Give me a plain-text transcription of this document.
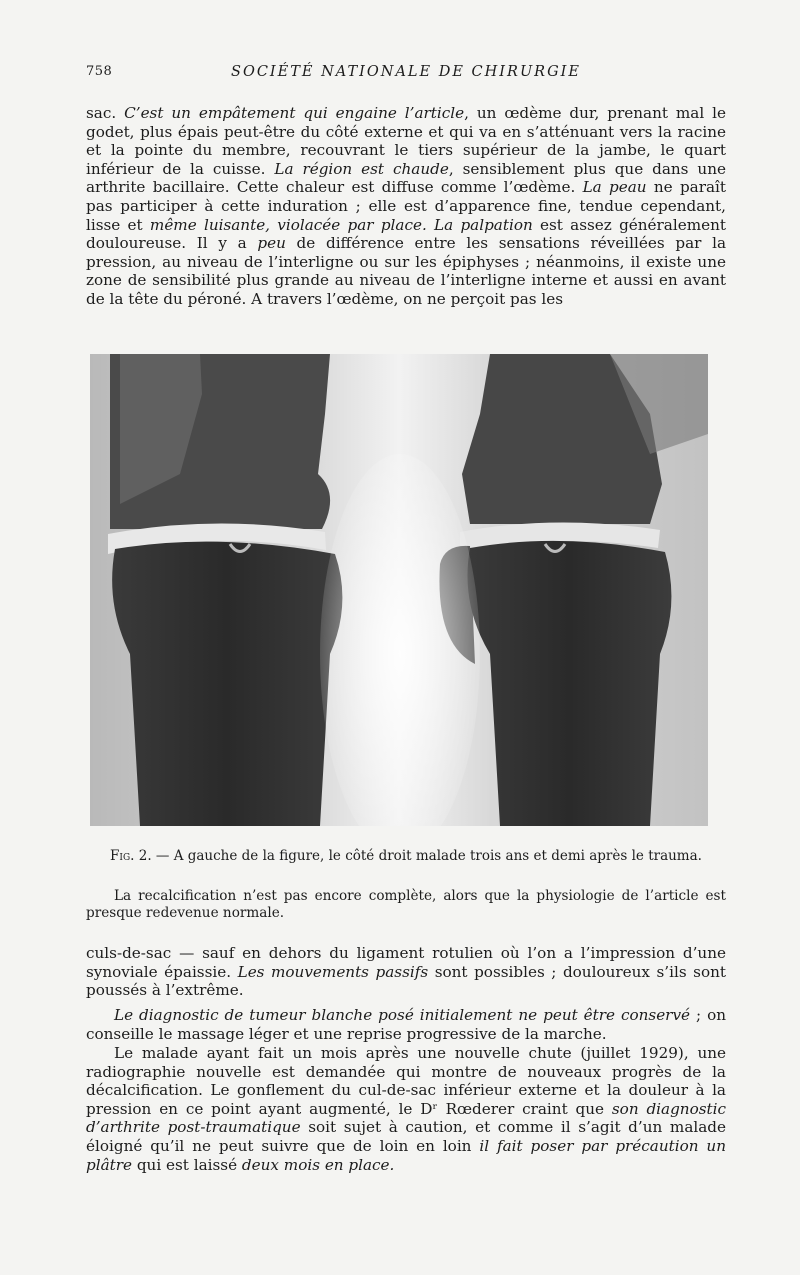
758	SOCIÉTÉ NATIONALE DE CHIRURGIE

sac. C’est un empâtement qui engaine l’article, un œdème dur, prenant mal le godet, plus épais peut-être du côté externe et qui va en s’atténuant vers la racine et la pointe du membre, recouvrant le tiers supérieur de la jambe, le quart inférieur de la cuisse. La région est chaude, sensiblement plus que dans une arthrite bacillaire. Cette chaleur est diffuse comme l’œdème. La peau ne paraît pas participer à cette induration ; elle est d’apparence fine, tendue cependant, lisse et même luisante, violacée par place. La palpation est assez généralement douloureuse. Il y a peu de différence entre les sensations réveillées par la pression, au niveau de l’interligne ou sur les épiphyses ; néanmoins, il existe une zone de sensibilité plus grande au niveau de l’interligne interne et aussi en avant de la tête du péroné. A travers l’œdème, on ne perçoit pas les

Fig. 2. — A gauche de la figure, le côté droit malade trois ans et demi après le trauma.

La recalcification n’est pas encore complète, alors que la physiologie de l’article est presque redevenue normale.

culs-de-sac — sauf en dehors du ligament rotulien où l’on a l’impression d’une synoviale épaissie. Les mouvements passifs sont possibles ; douloureux s’ils sont poussés à l’extrême.

Le diagnostic de tumeur blanche posé initialement ne peut être conservé ; on conseille le massage léger et une reprise progressive de la marche.

Le malade ayant fait un mois après une nouvelle chute (juillet 1929), une radiographie nouvelle est demandée qui montre de nouveaux progrès de la décalcification. Le gonflement du cul-de-sac inférieur externe et la douleur à la pression en ce point ayant augmenté, le Dʳ Rœderer craint que son diagnostic d’arthrite post-traumatique soit sujet à caution, et comme il s’agit d’un malade éloigné qu’il ne peut suivre que de loin en loin il fait poser par précaution un plâtre qui est laissé deux mois en place.
